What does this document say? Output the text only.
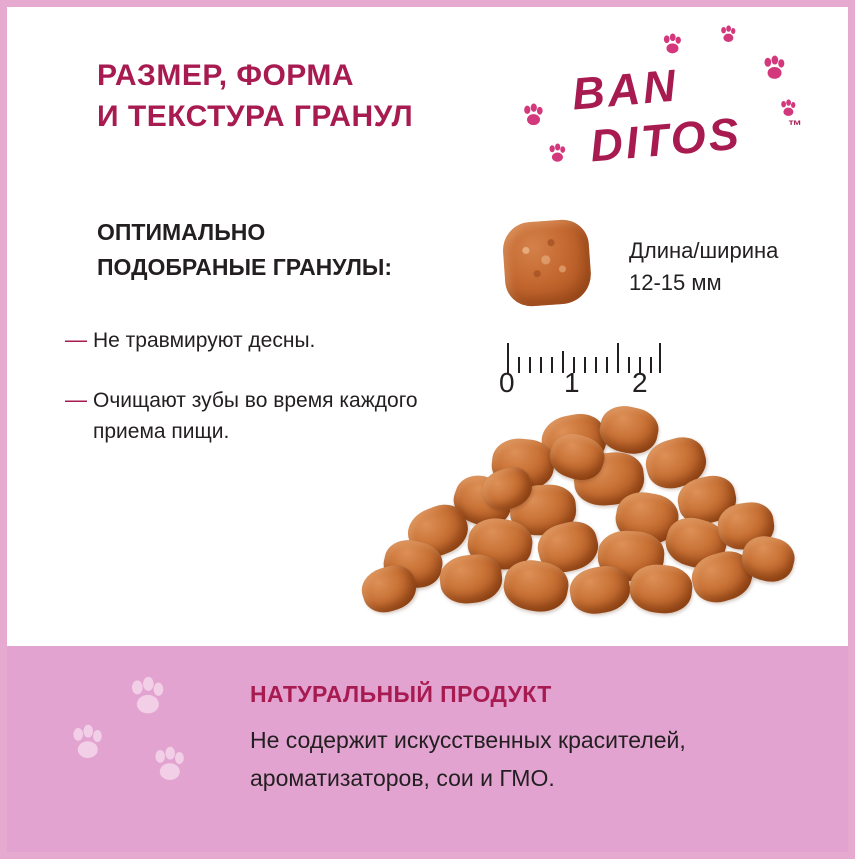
РАЗМЕР, ФОРМА
И ТЕКСТУРА ГРАНУЛ	BAN
DITOS	™
ОПТИМАЛЬНО
ПОДОБРАНЫЕ ГРАНУЛЫ:
— Не травмируют десны.
— Очищают зубы во время каждого приема пищи.
Длина/ширина
12-15 мм
0 1 2
НАТУРАЛЬНЫЙ ПРОДУКТ
Не содержит искусственных красителей,
ароматизаторов, сои и ГМО.
